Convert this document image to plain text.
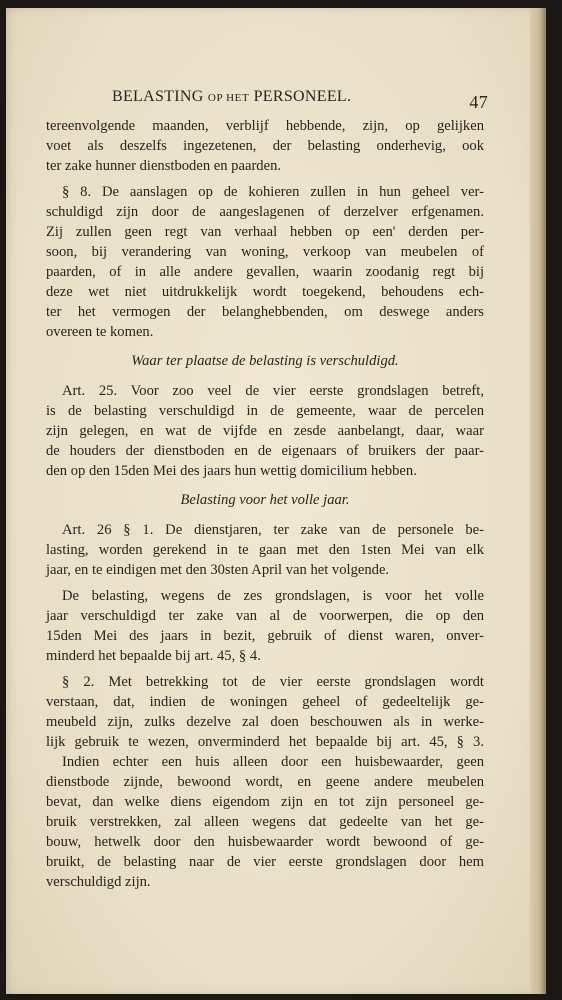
BELASTING OP HET PERSONEEL.	47

tereenvolgende maanden, verblijf hebbende, zijn, op gelijken

voet als deszelfs ingezetenen, der belasting onderhevig, ook

ter zake hunner dienstboden en paarden.

§ 8. De aanslagen op de kohieren zullen in hun geheel ver-

schuldigd zijn door de aangeslagenen of derzelver erfgenamen.

Zij zullen geen regt van verhaal hebben op een' derden per-

soon, bij verandering van woning, verkoop van meubelen of

paarden, of in alle andere gevallen, waarin zoodanig regt bij

deze wet niet uitdrukkelijk wordt toegekend, behoudens ech-

ter het vermogen der belanghebbenden, om deswege anders

overeen te komen.

Waar ter plaatse de belasting is verschuldigd.

Art. 25. Voor zoo veel de vier eerste grondslagen betreft,

is de belasting verschuldigd in de gemeente, waar de percelen

zijn gelegen, en wat de vijfde en zesde aanbelangt, daar, waar

de houders der dienstboden en de eigenaars of bruikers der paar-

den op den 15den Mei des jaars hun wettig domicilium hebben.

Belasting voor het volle jaar.

Art. 26 § 1. De dienstjaren, ter zake van de personele be-

lasting, worden gerekend in te gaan met den 1sten Mei van elk

jaar, en te eindigen met den 30sten April van het volgende.

De belasting, wegens de zes grondslagen, is voor het volle

jaar verschuldigd ter zake van al de voorwerpen, die op den

15den Mei des jaars in bezit, gebruik of dienst waren, onver-

minderd het bepaalde bij art. 45, § 4.

§ 2. Met betrekking tot de vier eerste grondslagen wordt

verstaan, dat, indien de woningen geheel of gedeeltelijk ge-

meubeld zijn, zulks dezelve zal doen beschouwen als in werke-

lijk gebruik te wezen, onverminderd het bepaalde bij art. 45, § 3.

Indien echter een huis alleen door een huisbewaarder, geen

dienstbode zijnde, bewoond wordt, en geene andere meubelen

bevat, dan welke diens eigendom zijn en tot zijn personeel ge-

bruik verstrekken, zal alleen wegens dat gedeelte van het ge-

bouw, hetwelk door den huisbewaarder wordt bewoond of ge-

bruikt, de belasting naar de vier eerste grondslagen door hem

verschuldigd zijn.
